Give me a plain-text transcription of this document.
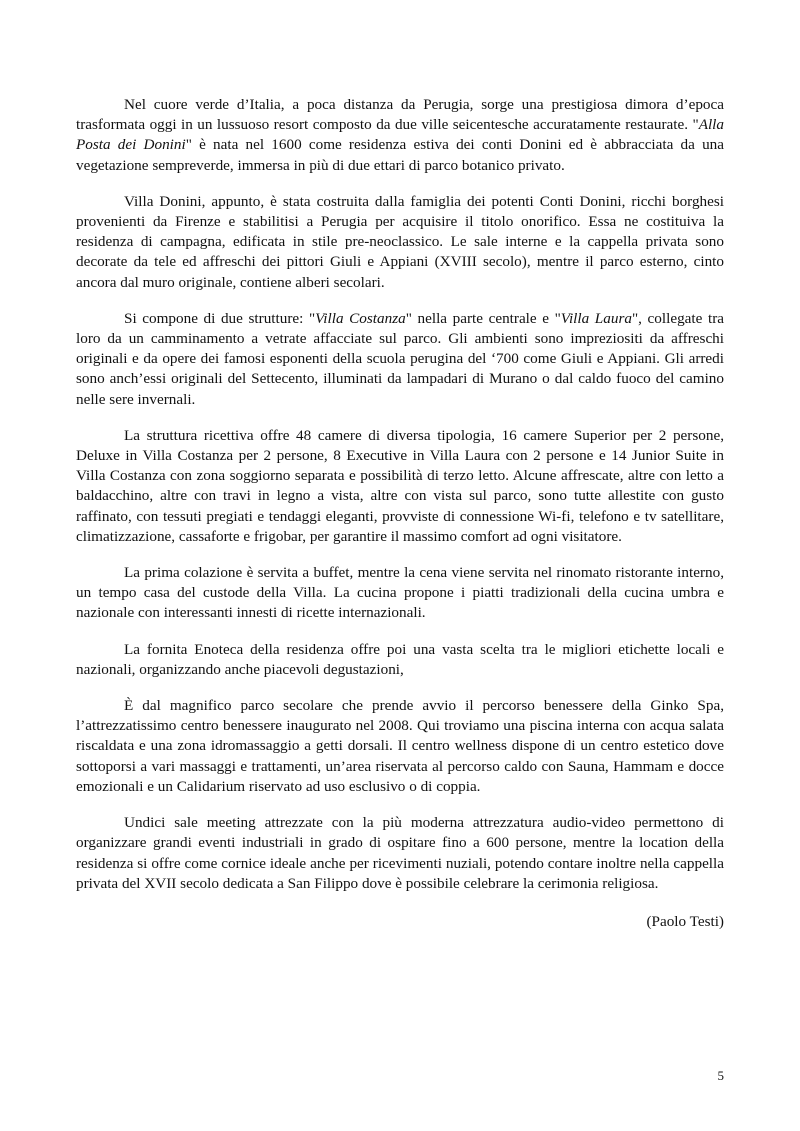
Nel cuore verde d’Italia, a poca distanza da Perugia, sorge una prestigiosa dimora d’epoca trasformata oggi in un lussuoso resort composto da due ville seicentesche accuratamente restaurate. "Alla Posta dei Donini" è nata nel 1600 come residenza estiva dei conti Donini ed è abbracciata da una vegetazione sempreverde, immersa in più di due ettari di parco botanico privato.

Villa Donini, appunto, è stata costruita dalla famiglia dei potenti Conti Donini, ricchi borghesi provenienti da Firenze e stabilitisi a Perugia per acquisire il titolo onorifico. Essa ne costituiva la residenza di campagna, edificata in stile pre-neoclassico. Le sale interne e la cappella privata sono decorate da tele ed affreschi dei pittori Giuli e Appiani (XVIII secolo), mentre il parco esterno, cinto ancora dal muro originale, contiene alberi secolari.

Si compone di due strutture: "Villa Costanza" nella parte centrale e "Villa Laura", collegate tra loro da un camminamento a vetrate affacciate sul parco. Gli ambienti sono impreziositi da affreschi originali e da opere dei famosi esponenti della scuola perugina del ‘700 come Giuli e Appiani. Gli arredi sono anch’essi originali del Settecento, illuminati da lampadari di Murano o dal caldo fuoco del camino nelle sere invernali.

La struttura ricettiva offre 48 camere di diversa tipologia, 16 camere Superior per 2 persone, Deluxe in Villa Costanza per 2 persone, 8 Executive in Villa Laura con 2 persone e 14 Junior Suite in Villa Costanza con zona soggiorno separata e possibilità di terzo letto. Alcune affrescate, altre con letto a baldacchino, altre con travi in legno a vista, altre con vista sul parco, sono tutte allestite con gusto raffinato, con tessuti pregiati e tendaggi eleganti, provviste di connessione Wi-fi, telefono e tv satellitare, climatizzazione, cassaforte e frigobar, per garantire il massimo comfort ad ogni visitatore.

La prima colazione è servita a buffet, mentre la cena viene servita nel rinomato ristorante interno, un tempo casa del custode della Villa. La cucina propone i piatti tradizionali della cucina umbra e nazionale con interessanti innesti di ricette internazionali.

La fornita Enoteca della residenza offre poi una vasta scelta tra le migliori etichette locali e nazionali, organizzando anche piacevoli degustazioni,

È dal magnifico parco secolare che prende avvio il percorso benessere della Ginko Spa, l’attrezzatissimo centro benessere inaugurato nel 2008. Qui troviamo una piscina interna con acqua salata riscaldata e una zona idromassaggio a getti dorsali. Il centro wellness dispone di un centro estetico dove sottoporsi a vari massaggi e trattamenti, un’area riservata al percorso caldo con Sauna, Hammam e docce emozionali e un Calidarium riservato ad uso esclusivo o di coppia.

Undici sale meeting attrezzate con la più moderna attrezzatura audio-video permettono di organizzare grandi eventi industriali in grado di ospitare fino a 600 persone, mentre la location della residenza si offre come cornice ideale anche per ricevimenti nuziali, potendo contare inoltre nella cappella privata del XVII secolo dedicata a San Filippo dove è possibile celebrare la cerimonia religiosa.

(Paolo Testi)

5
